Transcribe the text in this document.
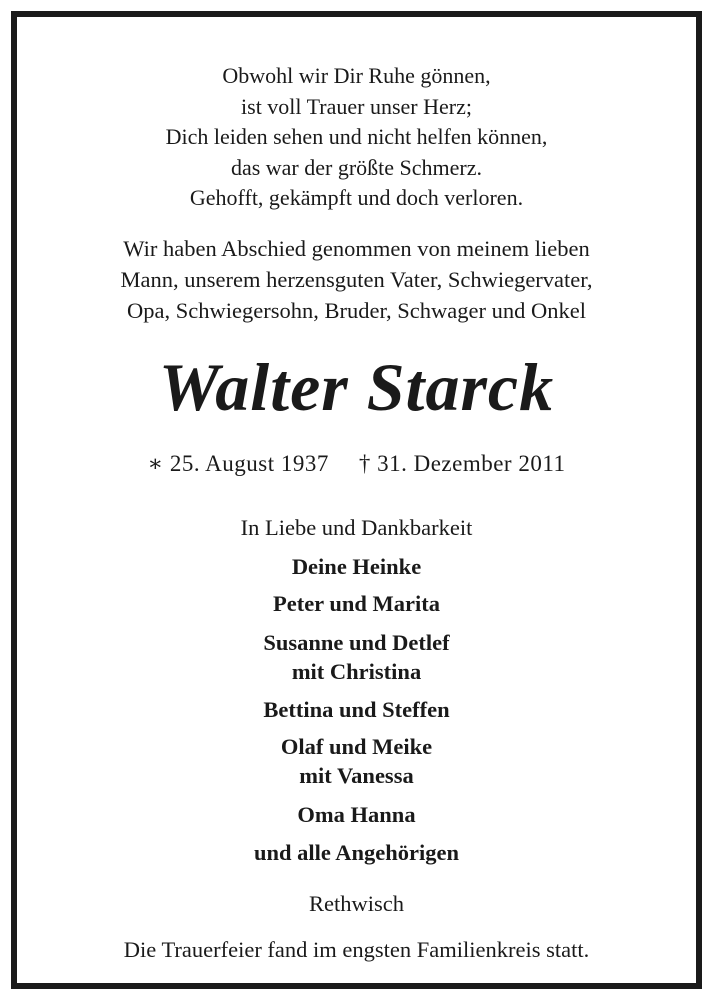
Obwohl wir Dir Ruhe gönnen,
ist voll Trauer unser Herz;
Dich leiden sehen und nicht helfen können,
das war der größte Schmerz.
Gehofft, gekämpft und doch verloren.
Wir haben Abschied genommen von meinem lieben
Mann, unserem herzensguten Vater, Schwiegervater,
Opa, Schwiegersohn, Bruder, Schwager und Onkel
Walter Starck
∗ 25. August 1937 † 31. Dezember 2011
In Liebe und Dankbarkeit
Deine Heinke
Peter und Marita
Susanne und Detlef
mit Christina
Bettina und Steffen
Olaf und Meike
mit Vanessa
Oma Hanna
und alle Angehörigen
Rethwisch
Die Trauerfeier fand im engsten Familienkreis statt.
